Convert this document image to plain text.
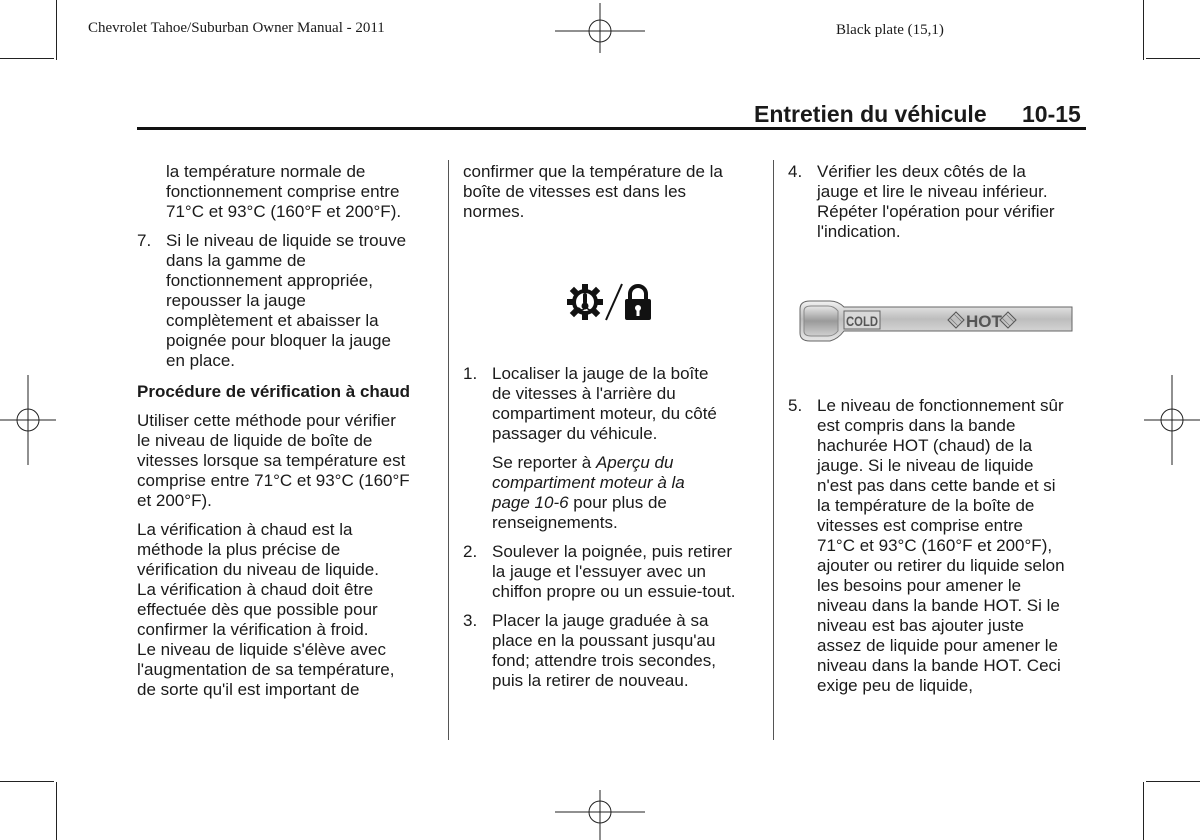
Chevrolet Tahoe/Suburban Owner Manual - 2011	Black plate (15,1)
Entretien du véhicule 10-15

la température normale de

fonctionnement comprise entre

71°C et 93°C (160°F et 200°F).

7. Si le niveau de liquide se trouve

dans la gamme de

fonctionnement appropriée,

repousser la jauge

complètement et abaisser la

poignée pour bloquer la jauge

en place.

Procédure de vérification à chaud

Utiliser cette méthode pour vérifier

le niveau de liquide de boîte de

vitesses lorsque sa température est

comprise entre 71°C et 93°C (160°F

et 200°F).

La vérification à chaud est la

méthode la plus précise de

vérification du niveau de liquide.

La vérification à chaud doit être

effectuée dès que possible pour

confirmer la vérification à froid.

Le niveau de liquide s'élève avec

l'augmentation de sa température,

de sorte qu'il est important de

confirmer que la température de la

boîte de vitesses est dans les

normes.

1. Localiser la jauge de la boîte

de vitesses à l'arrière du

compartiment moteur, du côté

passager du véhicule.

Se reporter à Aperçu du

compartiment moteur à la

page 10-6 pour plus de

renseignements.

2. Soulever la poignée, puis retirer

la jauge et l'essuyer avec un

chiffon propre ou un essuie-tout.

3. Placer la jauge graduée à sa

place en la poussant jusqu'au

fond; attendre trois secondes,

puis la retirer de nouveau.

4. Vérifier les deux côtés de la

jauge et lire le niveau inférieur.

Répéter l'opération pour vérifier

l'indication.

COLD	HOT
5. Le niveau de fonctionnement sûr

est compris dans la bande

hachurée HOT (chaud) de la

jauge. Si le niveau de liquide

n'est pas dans cette bande et si

la température de la boîte de

vitesses est comprise entre

71°C et 93°C (160°F et 200°F),

ajouter ou retirer du liquide selon

les besoins pour amener le

niveau dans la bande HOT. Si le

niveau est bas ajouter juste

assez de liquide pour amener le

niveau dans la bande HOT. Ceci

exige peu de liquide,
